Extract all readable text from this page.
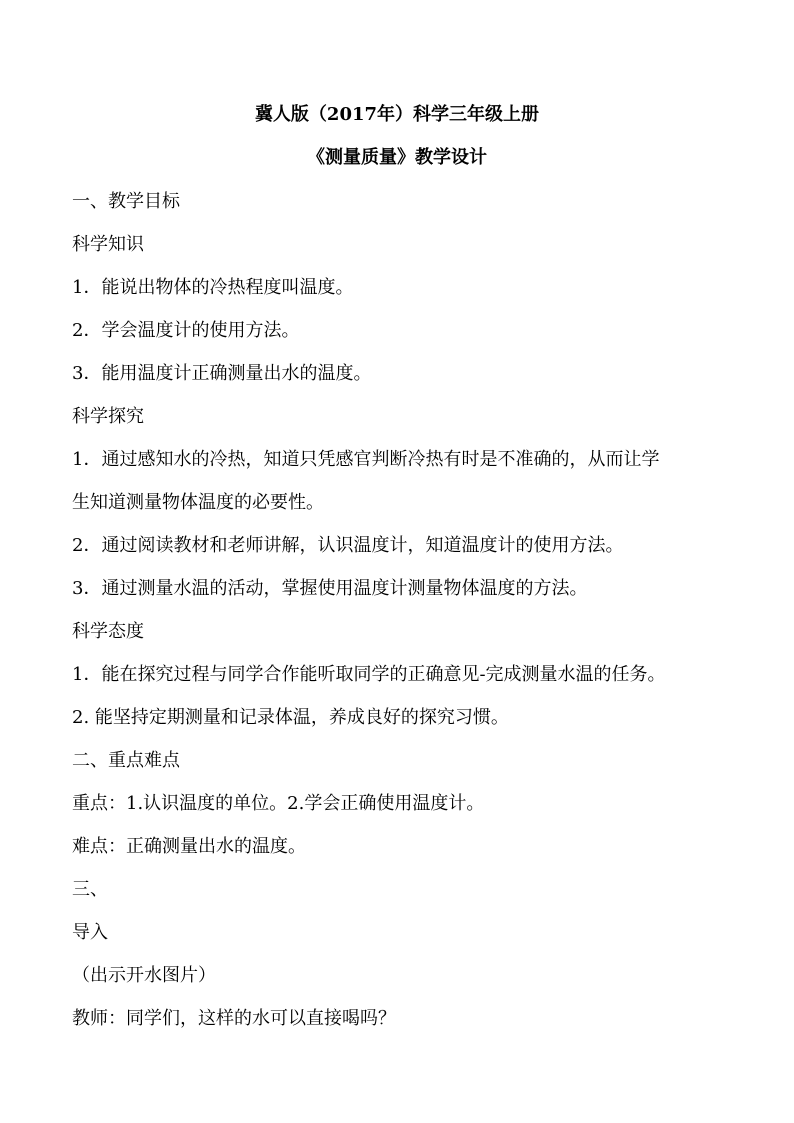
冀人版（2017年）科学三年级上册

《测量质量》教学设计

一、教学目标

科学知识

1．能说出物体的冷热程度叫温度。

2．学会温度计的使用方法。

3．能用温度计正确测量出水的温度。

科学探究

1．通过感知水的冷热，知道只凭感官判断冷热有时是不准确的，从而让学

生知道测量物体温度的必要性。

2．通过阅读教材和老师讲解，认识温度计，知道温度计的使用方法。

3．通过测量水温的活动，掌握使用温度计测量物体温度的方法。

科学态度

1．能在探究过程与同学合作能听取同学的正确意见-完成测量水温的任务。

2. 能坚持定期测量和记录体温，养成良好的探究习惯。

二、重点难点

重点：1.认识温度的单位。2.学会正确使用温度计。

难点：正确测量出水的温度。

三、

导入

（出示开水图片）

教师：同学们，这样的水可以直接喝吗？
